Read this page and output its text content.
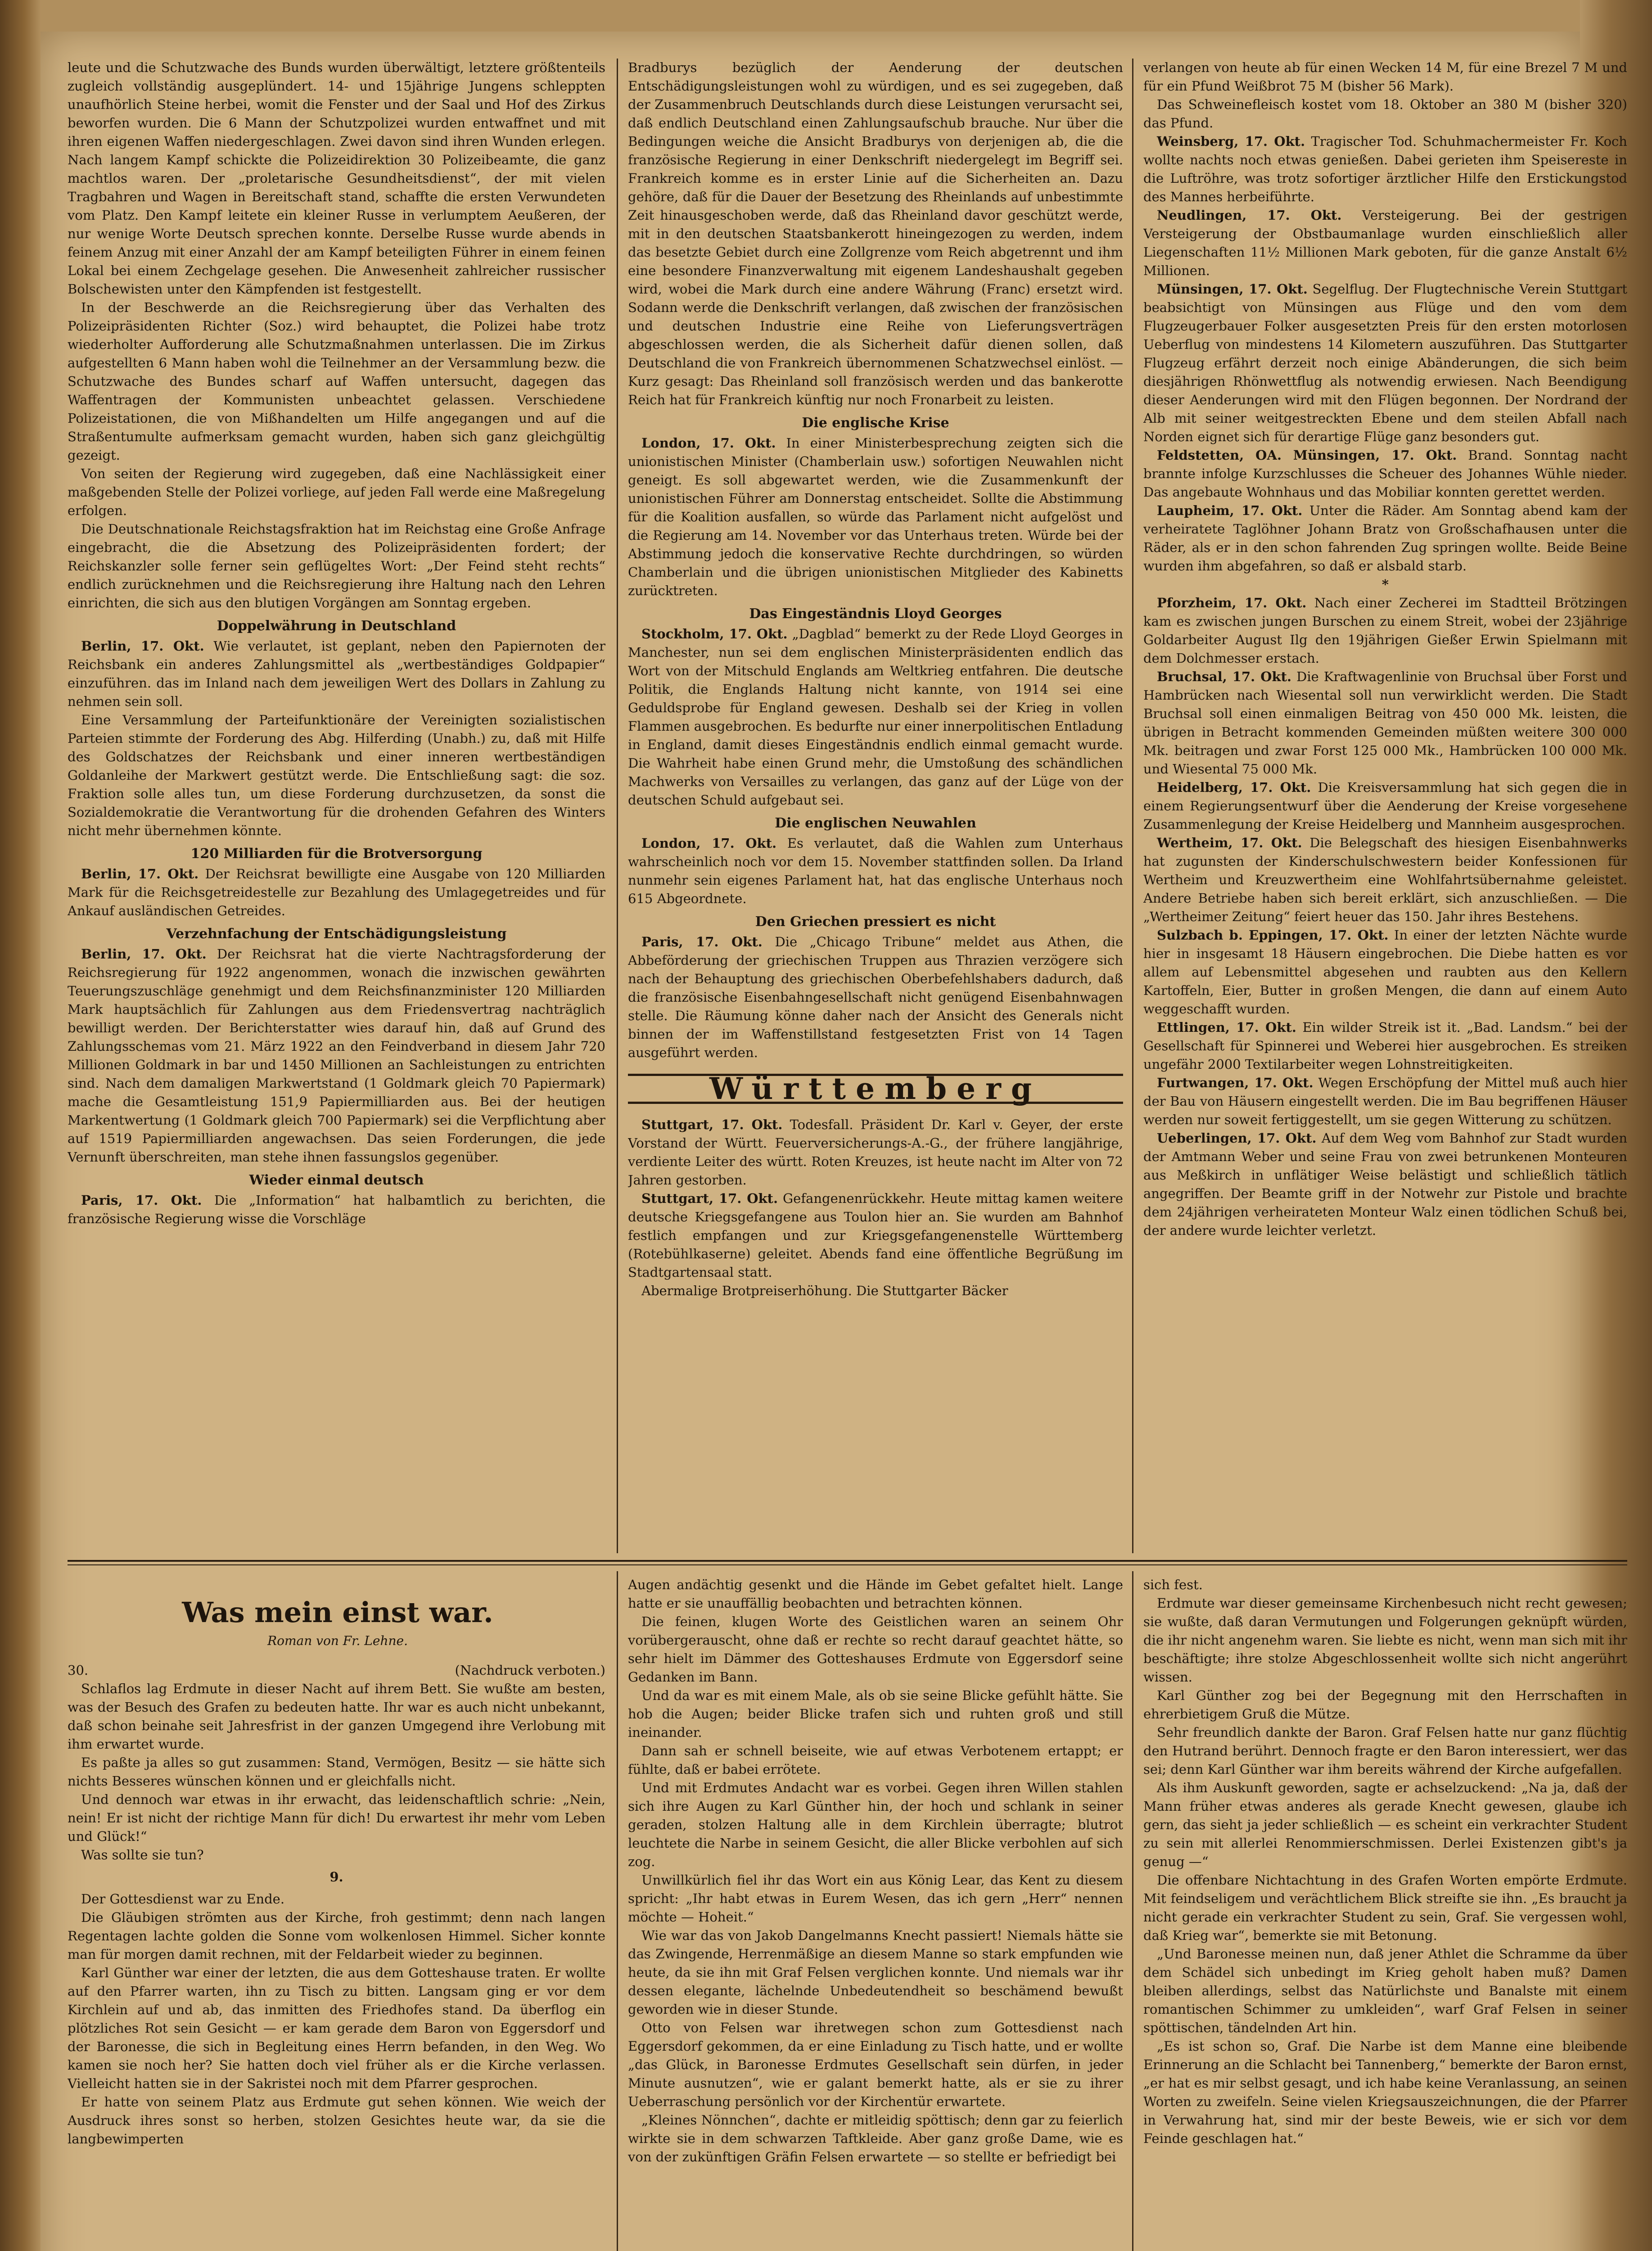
leute und die Schutzwache des Bunds wurden überwältigt, letztere größtenteils zugleich vollständig ausgeplündert. 14- und 15jährige Jungens schleppten unaufhörlich Steine herbei, womit die Fenster und der Saal und Hof des Zirkus beworfen wurden. Die 6 Mann der Schutzpolizei wurden entwaffnet und mit ihren eigenen Waffen niedergeschlagen. Zwei davon sind ihren Wunden erlegen. Nach langem Kampf schickte die Polizeidirektion 30 Polizeibeamte, die ganz machtlos waren. Der „proletarische Gesundheitsdienst“, der mit vielen Tragbahren und Wagen in Bereitschaft stand, schaffte die ersten Verwundeten vom Platz. Den Kampf leitete ein kleiner Russe in verlumptem Aeußeren, der nur wenige Worte Deutsch sprechen konnte. Derselbe Russe wurde abends in feinem Anzug mit einer Anzahl der am Kampf beteiligten Führer in einem feinen Lokal bei einem Zechgelage gesehen. Die Anwesenheit zahlreicher russischer Bolschewisten unter den Kämpfenden ist festgestellt.

In der Beschwerde an die Reichsregierung über das Verhalten des Polizeipräsidenten Richter (Soz.) wird behauptet, die Polizei habe trotz wiederholter Aufforderung alle Schutzmaßnahmen unterlassen. Die im Zirkus aufgestellten 6 Mann haben wohl die Teilnehmer an der Versammlung bezw. die Schutzwache des Bundes scharf auf Waffen untersucht, dagegen das Waffentragen der Kommunisten unbeachtet gelassen. Verschiedene Polizeistationen, die von Mißhandelten um Hilfe angegangen und auf die Straßentumulte aufmerksam gemacht wurden, haben sich ganz gleichgültig gezeigt.

Von seiten der Regierung wird zugegeben, daß eine Nachlässigkeit einer maßgebenden Stelle der Polizei vorliege, auf jeden Fall werde eine Maßregelung erfolgen.

Die Deutschnationale Reichstagsfraktion hat im Reichstag eine Große Anfrage eingebracht, die die Absetzung des Polizeipräsidenten fordert; der Reichskanzler solle ferner sein geflügeltes Wort: „Der Feind steht rechts“ endlich zurücknehmen und die Reichsregierung ihre Haltung nach den Lehren einrichten, die sich aus den blutigen Vorgängen am Sonntag ergeben.

Doppelwährung in Deutschland

Berlin, 17. Okt. Wie verlautet, ist geplant, neben den Papiernoten der Reichsbank ein anderes Zahlungsmittel als „wertbeständiges Goldpapier“ einzuführen. das im Inland nach dem jeweiligen Wert des Dollars in Zahlung zu nehmen sein soll.

Eine Versammlung der Parteifunktionäre der Vereinigten sozialistischen Parteien stimmte der Forderung des Abg. Hilferding (Unabh.) zu, daß mit Hilfe des Goldschatzes der Reichsbank und einer inneren wertbeständigen Goldanleihe der Markwert gestützt werde. Die Entschließung sagt: die soz. Fraktion solle alles tun, um diese Forderung durchzusetzen, da sonst die Sozialdemokratie die Verantwortung für die drohenden Gefahren des Winters nicht mehr übernehmen könnte.

120 Milliarden für die Brotversorgung

Berlin, 17. Okt. Der Reichsrat bewilligte eine Ausgabe von 120 Milliarden Mark für die Reichsgetreidestelle zur Bezahlung des Umlagegetreides und für Ankauf ausländischen Getreides.

Verzehnfachung der Entschädigungsleistung

Berlin, 17. Okt. Der Reichsrat hat die vierte Nachtragsforderung der Reichsregierung für 1922 angenommen, wonach die inzwischen gewährten Teuerungszuschläge genehmigt und dem Reichsfinanzminister 120 Milliarden Mark hauptsächlich für Zahlungen aus dem Friedensvertrag nachträglich bewilligt werden. Der Berichterstatter wies darauf hin, daß auf Grund des Zahlungsschemas vom 21. März 1922 an den Feindverband in diesem Jahr 720 Millionen Goldmark in bar und 1450 Millionen an Sachleistungen zu entrichten sind. Nach dem damaligen Markwertstand (1 Goldmark gleich 70 Papiermark) mache die Gesamtleistung 151,9 Papiermilliarden aus. Bei der heutigen Markentwertung (1 Goldmark gleich 700 Papiermark) sei die Verpflichtung aber auf 1519 Papiermilliarden angewachsen. Das seien Forderungen, die jede Vernunft überschreiten, man stehe ihnen fassungslos gegenüber.

Wieder einmal deutsch

Paris, 17. Okt. Die „Information“ hat halbamtlich zu berichten, die französische Regierung wisse die Vorschläge

Bradburys bezüglich der Aenderung der deutschen Entschädigungsleistungen wohl zu würdigen, und es sei zugegeben, daß der Zusammenbruch Deutschlands durch diese Leistungen verursacht sei, daß endlich Deutschland einen Zahlungsaufschub brauche. Nur über die Bedingungen weiche die Ansicht Bradburys von derjenigen ab, die die französische Regierung in einer Denkschrift niedergelegt im Begriff sei. Frankreich komme es in erster Linie auf die Sicherheiten an. Dazu gehöre, daß für die Dauer der Besetzung des Rheinlands auf unbestimmte Zeit hinausgeschoben werde, daß das Rheinland davor geschützt werde, mit in den deutschen Staatsbankerott hineingezogen zu werden, indem das besetzte Gebiet durch eine Zollgrenze vom Reich abgetrennt und ihm eine besondere Finanzverwaltung mit eigenem Landeshaushalt gegeben wird, wobei die Mark durch eine andere Währung (Franc) ersetzt wird. Sodann werde die Denkschrift verlangen, daß zwischen der französischen und deutschen Industrie eine Reihe von Lieferungsverträgen abgeschlossen werden, die als Sicherheit dafür dienen sollen, daß Deutschland die von Frankreich übernommenen Schatzwechsel einlöst. — Kurz gesagt: Das Rheinland soll französisch werden und das bankerotte Reich hat für Frankreich künftig nur noch Fronarbeit zu leisten.

Die englische Krise

London, 17. Okt. In einer Ministerbesprechung zeigten sich die unionistischen Minister (Chamberlain usw.) sofortigen Neuwahlen nicht geneigt. Es soll abgewartet werden, wie die Zusammenkunft der unionistischen Führer am Donnerstag entscheidet. Sollte die Abstimmung für die Koalition ausfallen, so würde das Parlament nicht aufgelöst und die Regierung am 14. November vor das Unterhaus treten. Würde bei der Abstimmung jedoch die konservative Rechte durchdringen, so würden Chamberlain und die übrigen unionistischen Mitglieder des Kabinetts zurücktreten.

Das Eingeständnis Lloyd Georges

Stockholm, 17. Okt. „Dagblad“ bemerkt zu der Rede Lloyd Georges in Manchester, nun sei dem englischen Ministerpräsidenten endlich das Wort von der Mitschuld Englands am Weltkrieg entfahren. Die deutsche Politik, die Englands Haltung nicht kannte, von 1914 sei eine Geduldsprobe für England gewesen. Deshalb sei der Krieg in vollen Flammen ausgebrochen. Es bedurfte nur einer innerpolitischen Entladung in England, damit dieses Eingeständnis endlich einmal gemacht wurde. Die Wahrheit habe einen Grund mehr, die Umstoßung des schändlichen Machwerks von Versailles zu verlangen, das ganz auf der Lüge von der deutschen Schuld aufgebaut sei.

Die englischen Neuwahlen

London, 17. Okt. Es verlautet, daß die Wahlen zum Unterhaus wahrscheinlich noch vor dem 15. November stattfinden sollen. Da Irland nunmehr sein eigenes Parlament hat, hat das englische Unterhaus noch 615 Abgeordnete.

Den Griechen pressiert es nicht

Paris, 17. Okt. Die „Chicago Tribune“ meldet aus Athen, die Abbeförderung der griechischen Truppen aus Thrazien verzögere sich nach der Behauptung des griechischen Oberbefehlshabers dadurch, daß die französische Eisenbahngesellschaft nicht genügend Eisenbahnwagen stelle. Die Räumung könne daher nach der Ansicht des Generals nicht binnen der im Waffenstillstand festgesetzten Frist von 14 Tagen ausgeführt werden.

Württemberg

Stuttgart, 17. Okt. Todesfall. Präsident Dr. Karl v. Geyer, der erste Vorstand der Württ. Feuerversicherungs-A.-G., der frühere langjährige, verdiente Leiter des württ. Roten Kreuzes, ist heute nacht im Alter von 72 Jahren gestorben.

Stuttgart, 17. Okt. Gefangenenrückkehr. Heute mittag kamen weitere deutsche Kriegsgefangene aus Toulon hier an. Sie wurden am Bahnhof festlich empfangen und zur Kriegsgefangenenstelle Württemberg (Rotebühlkaserne) geleitet. Abends fand eine öffentliche Begrüßung im Stadtgartensaal statt.

Abermalige Brotpreiserhöhung. Die Stuttgarter Bäcker

verlangen von heute ab für einen Wecken 14 M, für eine Brezel 7 M und für ein Pfund Weißbrot 75 M (bisher 56 Mark).

Das Schweinefleisch kostet vom 18. Oktober an 380 M (bisher 320) das Pfund.

Weinsberg, 17. Okt. Tragischer Tod. Schuhmachermeister Fr. Koch wollte nachts noch etwas genießen. Dabei gerieten ihm Speisereste in die Luftröhre, was trotz sofortiger ärztlicher Hilfe den Erstickungstod des Mannes herbeiführte.

Neudlingen, 17. Okt. Versteigerung. Bei der gestrigen Versteigerung der Obstbaumanlage wurden einschließlich aller Liegenschaften 11½ Millionen Mark geboten, für die ganze Anstalt 6½ Millionen.

Münsingen, 17. Okt. Segelflug. Der Flugtechnische Verein Stuttgart beabsichtigt von Münsingen aus Flüge und den vom dem Flugzeugerbauer Folker ausgesetzten Preis für den ersten motorlosen Ueberflug von mindestens 14 Kilometern auszuführen. Das Stuttgarter Flugzeug erfährt derzeit noch einige Abänderungen, die sich beim diesjährigen Rhönwettflug als notwendig erwiesen. Nach Beendigung dieser Aenderungen wird mit den Flügen begonnen. Der Nordrand der Alb mit seiner weitgestreckten Ebene und dem steilen Abfall nach Norden eignet sich für derartige Flüge ganz besonders gut.

Feldstetten, OA. Münsingen, 17. Okt. Brand. Sonntag nacht brannte infolge Kurzschlusses die Scheuer des Johannes Wühle nieder. Das angebaute Wohnhaus und das Mobiliar konnten gerettet werden.

Laupheim, 17. Okt. Unter die Räder. Am Sonntag abend kam der verheiratete Taglöhner Johann Bratz von Großschafhausen unter die Räder, als er in den schon fahrenden Zug springen wollte. Beide Beine wurden ihm abgefahren, so daß er alsbald starb.

*

Pforzheim, 17. Okt. Nach einer Zecherei im Stadtteil Brötzingen kam es zwischen jungen Burschen zu einem Streit, wobei der 23jährige Goldarbeiter August Ilg den 19jährigen Gießer Erwin Spielmann mit dem Dolchmesser erstach.

Bruchsal, 17. Okt. Die Kraftwagenlinie von Bruchsal über Forst und Hambrücken nach Wiesental soll nun verwirklicht werden. Die Stadt Bruchsal soll einen einmaligen Beitrag von 450 000 Mk. leisten, die übrigen in Betracht kommenden Gemeinden müßten weitere 300 000 Mk. beitragen und zwar Forst 125 000 Mk., Hambrücken 100 000 Mk. und Wiesental 75 000 Mk.

Heidelberg, 17. Okt. Die Kreisversammlung hat sich gegen die in einem Regierungsentwurf über die Aenderung der Kreise vorgesehene Zusammenlegung der Kreise Heidelberg und Mannheim ausgesprochen.

Wertheim, 17. Okt. Die Belegschaft des hiesigen Eisenbahnwerks hat zugunsten der Kinderschulschwestern beider Konfessionen für Wertheim und Kreuzwertheim eine Wohlfahrtsübernahme geleistet. Andere Betriebe haben sich bereit erklärt, sich anzuschließen. — Die „Wertheimer Zeitung“ feiert heuer das 150. Jahr ihres Bestehens.

Sulzbach b. Eppingen, 17. Okt. In einer der letzten Nächte wurde hier in insgesamt 18 Häusern eingebrochen. Die Diebe hatten es vor allem auf Lebensmittel abgesehen und raubten aus den Kellern Kartoffeln, Eier, Butter in großen Mengen, die dann auf einem Auto weggeschafft wurden.

Ettlingen, 17. Okt. Ein wilder Streik ist it. „Bad. Landsm.“ bei der Gesellschaft für Spinnerei und Weberei hier ausgebrochen. Es streiken ungefähr 2000 Textilarbeiter wegen Lohnstreitigkeiten.

Furtwangen, 17. Okt. Wegen Erschöpfung der Mittel muß auch hier der Bau von Häusern eingestellt werden. Die im Bau begriffenen Häuser werden nur soweit fertiggestellt, um sie gegen Witterung zu schützen.

Ueberlingen, 17. Okt. Auf dem Weg vom Bahnhof zur Stadt wurden der Amtmann Weber und seine Frau von zwei betrunkenen Monteuren aus Meßkirch in unflätiger Weise belästigt und schließlich tätlich angegriffen. Der Beamte griff in der Notwehr zur Pistole und brachte dem 24jährigen verheirateten Monteur Walz einen tödlichen Schuß bei, der andere wurde leichter verletzt.

Was mein einst war.
Roman von Fr. Lehne.

30.	(Nachdruck verboten.)

Schlaflos lag Erdmute in dieser Nacht auf ihrem Bett. Sie wußte am besten, was der Besuch des Grafen zu bedeuten hatte. Ihr war es auch nicht unbekannt, daß schon beinahe seit Jahresfrist in der ganzen Umgegend ihre Verlobung mit ihm erwartet wurde.

Es paßte ja alles so gut zusammen: Stand, Vermögen, Besitz — sie hätte sich nichts Besseres wünschen können und er gleichfalls nicht.

Und dennoch war etwas in ihr erwacht, das leidenschaftlich schrie: „Nein, nein! Er ist nicht der richtige Mann für dich! Du erwartest ihr mehr vom Leben und Glück!“

Was sollte sie tun?

9.

Der Gottesdienst war zu Ende.

Die Gläubigen strömten aus der Kirche, froh gestimmt; denn nach langen Regentagen lachte golden die Sonne vom wolkenlosen Himmel. Sicher konnte man für morgen damit rechnen, mit der Feldarbeit wieder zu beginnen.

Karl Günther war einer der letzten, die aus dem Gotteshause traten. Er wollte auf den Pfarrer warten, ihn zu Tisch zu bitten. Langsam ging er vor dem Kirchlein auf und ab, das inmitten des Friedhofes stand. Da überflog ein plötzliches Rot sein Gesicht — er kam gerade dem Baron von Eggersdorf und der Baronesse, die sich in Begleitung eines Herrn befanden, in den Weg. Wo kamen sie noch her? Sie hatten doch viel früher als er die Kirche verlassen. Vielleicht hatten sie in der Sakristei noch mit dem Pfarrer gesprochen.

Er hatte von seinem Platz aus Erdmute gut sehen können. Wie weich der Ausdruck ihres sonst so herben, stolzen Gesichtes heute war, da sie die langbewimperten

Augen andächtig gesenkt und die Hände im Gebet gefaltet hielt. Lange hatte er sie unauffällig beobachten und betrachten können.

Die feinen, klugen Worte des Geistlichen waren an seinem Ohr vorübergerauscht, ohne daß er rechte so recht darauf geachtet hätte, so sehr hielt im Dämmer des Gotteshauses Erdmute von Eggersdorf seine Gedanken im Bann.

Und da war es mit einem Male, als ob sie seine Blicke gefühlt hätte. Sie hob die Augen; beider Blicke trafen sich und ruhten groß und still ineinander.

Dann sah er schnell beiseite, wie auf etwas Verbotenem ertappt; er fühlte, daß er babei errötete.

Und mit Erdmutes Andacht war es vorbei. Gegen ihren Willen stahlen sich ihre Augen zu Karl Günther hin, der hoch und schlank in seiner geraden, stolzen Haltung alle in dem Kirchlein überragte; blutrot leuchtete die Narbe in seinem Gesicht, die aller Blicke verbohlen auf sich zog.

Unwillkürlich fiel ihr das Wort ein aus König Lear, das Kent zu diesem spricht: „Ihr habt etwas in Eurem Wesen, das ich gern „Herr“ nennen möchte — Hoheit.“

Wie war das von Jakob Dangelmanns Knecht passiert! Niemals hätte sie das Zwingende, Herrenmäßige an diesem Manne so stark empfunden wie heute, da sie ihn mit Graf Felsen verglichen konnte. Und niemals war ihr dessen elegante, lächelnde Unbedeutendheit so beschämend bewußt geworden wie in dieser Stunde.

Otto von Felsen war ihretwegen schon zum Gottesdienst nach Eggersdorf gekommen, da er eine Einladung zu Tisch hatte, und er wollte „das Glück, in Baronesse Erdmutes Gesellschaft sein dürfen, in jeder Minute ausnutzen“, wie er galant bemerkt hatte, als er sie zu ihrer Ueberraschung persönlich vor der Kirchentür erwartete.

„Kleines Nönnchen“, dachte er mitleidig spöttisch; denn gar zu feierlich wirkte sie in dem schwarzen Taftkleide. Aber ganz große Dame, wie es von der zukünftigen Gräfin Felsen erwartete — so stellte er befriedigt bei

sich fest.

Erdmute war dieser gemeinsame Kirchenbesuch nicht recht gewesen; sie wußte, daß daran Vermutungen und Folgerungen geknüpft würden, die ihr nicht angenehm waren. Sie liebte es nicht, wenn man sich mit ihr beschäftigte; ihre stolze Abgeschlossenheit wollte sich nicht angerührt wissen.

Karl Günther zog bei der Begegnung mit den Herrschaften in ehrerbietigem Gruß die Mütze.

Sehr freundlich dankte der Baron. Graf Felsen hatte nur ganz flüchtig den Hutrand berührt. Dennoch fragte er den Baron interessiert, wer das sei; denn Karl Günther war ihm bereits während der Kirche aufgefallen.

Als ihm Auskunft geworden, sagte er achselzuckend: „Na ja, daß der Mann früher etwas anderes als gerade Knecht gewesen, glaube ich gern, das sieht ja jeder schließlich — es scheint ein verkrachter Student zu sein mit allerlei Renommierschmissen. Derlei Existenzen gibt's ja genug —“

Die offenbare Nichtachtung in des Grafen Worten empörte Erdmute. Mit feindseligem und verächtlichem Blick streifte sie ihn. „Es braucht ja nicht gerade ein verkrachter Student zu sein, Graf. Sie vergessen wohl, daß Krieg war“, bemerkte sie mit Betonung.

„Und Baronesse meinen nun, daß jener Athlet die Schramme da über dem Schädel sich unbedingt im Krieg geholt haben muß? Damen bleiben allerdings, selbst das Natürlichste und Banalste mit einem romantischen Schimmer zu umkleiden“, warf Graf Felsen in seiner spöttischen, tändelnden Art hin.

„Es ist schon so, Graf. Die Narbe ist dem Manne eine bleibende Erinnerung an die Schlacht bei Tannenberg,“ bemerkte der Baron ernst, „er hat es mir selbst gesagt, und ich habe keine Veranlassung, an seinen Worten zu zweifeln. Seine vielen Kriegsauszeichnungen, die der Pfarrer in Verwahrung hat, sind mir der beste Beweis, wie er sich vor dem Feinde geschlagen hat.“
